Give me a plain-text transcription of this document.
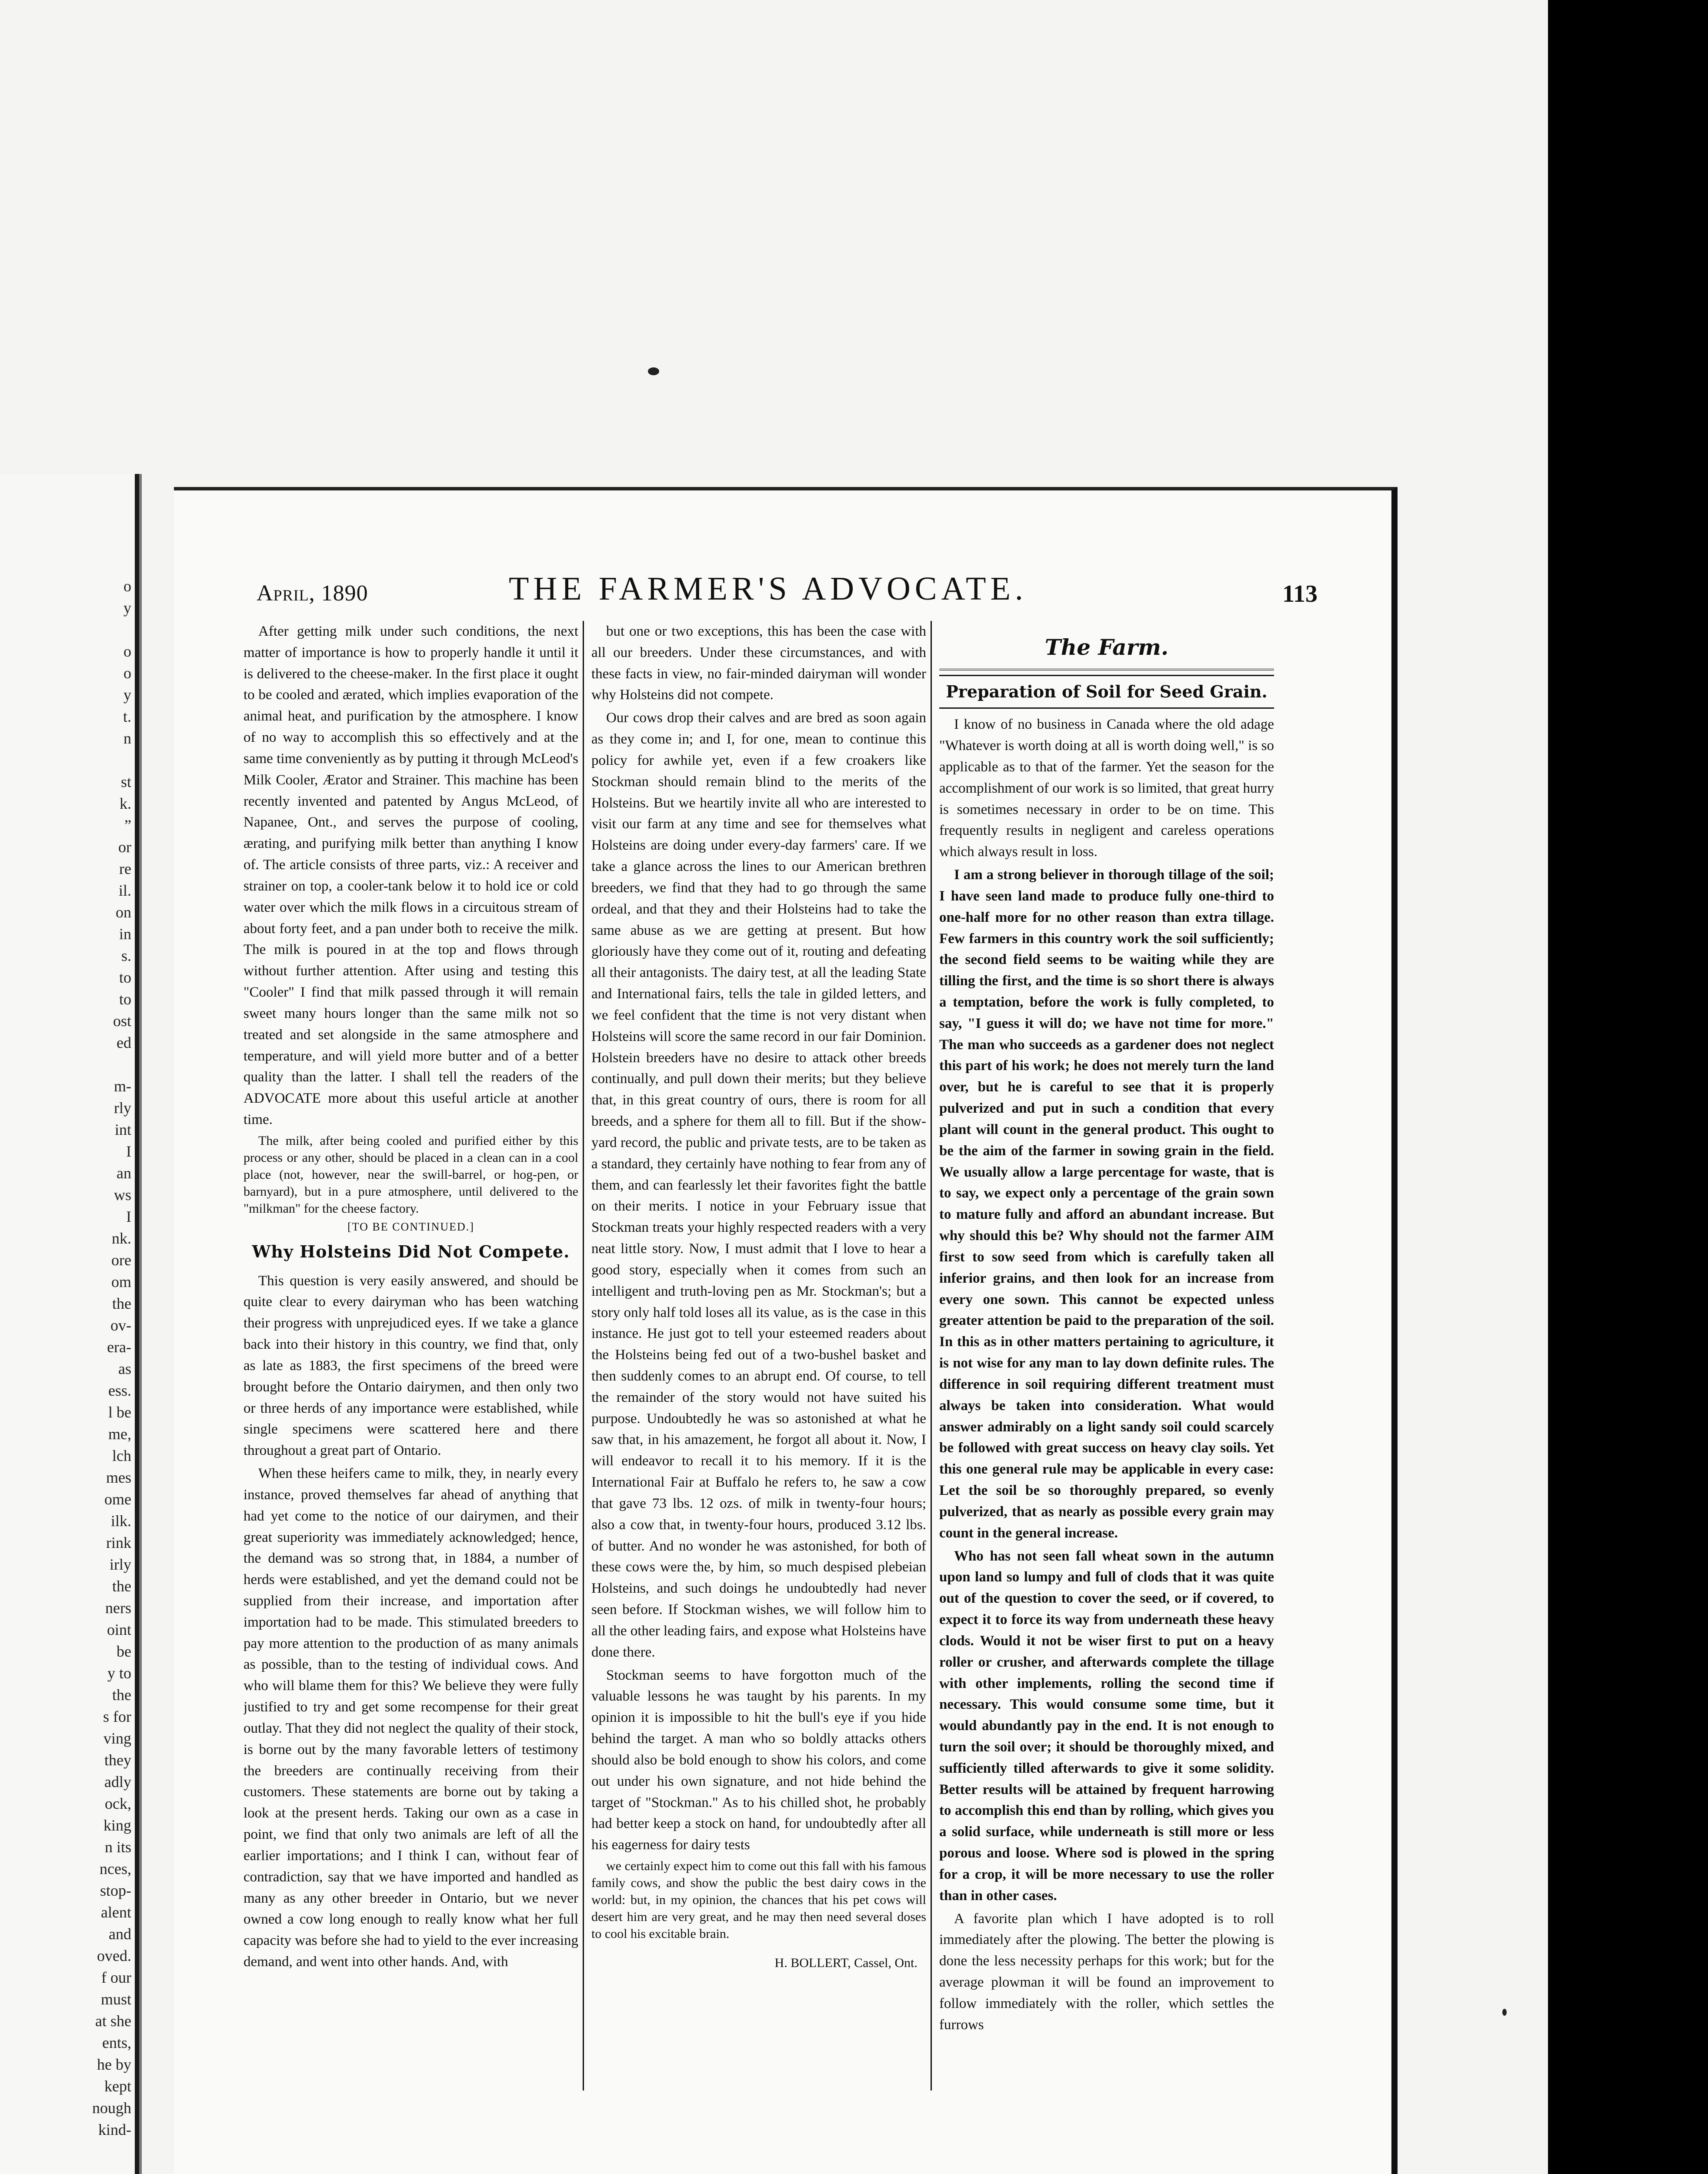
o
y
o
o
y
t.
n
st
k.
”
or
re
il.
on
in
s.
to
to
ost
ed
m-
rly
int
I
an
ws
I
nk.
ore
om
the
ov-
era-
as
ess.
l be
me,
lch
mes
ome
ilk.
rink
irly
the
ners
oint
be
y to
the
s for
ving
they
adly
ock,
king
n its
nces,
stop-
alent
and
oved.
f our
must
at she
ents,
he by
kept
nough
kind-
April, 1890	THE FARMER'S ADVOCATE.	113

After getting milk under such conditions, the next matter of importance is how to properly handle it until it is delivered to the cheese-maker. In the first place it ought to be cooled and ærated, which implies evaporation of the animal heat, and purification by the atmosphere. I know of no way to accomplish this so effectively and at the same time conveniently as by putting it through McLeod's Milk Cooler, Ærator and Strainer. This machine has been recently invented and patented by Angus McLeod, of Napanee, Ont., and serves the purpose of cooling, ærating, and purifying milk better than anything I know of. The article consists of three parts, viz.: A receiver and strainer on top, a cooler-tank below it to hold ice or cold water over which the milk flows in a circuitous stream of about forty feet, and a pan under both to receive the milk. The milk is poured in at the top and flows through without further attention. After using and testing this "Cooler" I find that milk passed through it will remain sweet many hours longer than the same milk not so treated and set alongside in the same atmosphere and temperature, and will yield more butter and of a better quality than the latter. I shall tell the readers of the ADVOCATE more about this useful article at another time.

The milk, after being cooled and purified either by this process or any other, should be placed in a clean can in a cool place (not, however, near the swill-barrel, or hog-pen, or barnyard), but in a pure atmosphere, until delivered to the "milkman" for the cheese factory.

[TO BE CONTINUED.]

Why Holsteins Did Not Compete.

This question is very easily answered, and should be quite clear to every dairyman who has been watching their progress with unprejudiced eyes. If we take a glance back into their history in this country, we find that, only as late as 1883, the first specimens of the breed were brought before the Ontario dairymen, and then only two or three herds of any importance were established, while single specimens were scattered here and there throughout a great part of Ontario.

When these heifers came to milk, they, in nearly every instance, proved themselves far ahead of anything that had yet come to the notice of our dairymen, and their great superiority was immediately acknowledged; hence, the demand was so strong that, in 1884, a number of herds were established, and yet the demand could not be supplied from their increase, and importation after importation had to be made. This stimulated breeders to pay more attention to the production of as many animals as possible, than to the testing of individual cows. And who will blame them for this? We believe they were fully justified to try and get some recompense for their great outlay. That they did not neglect the quality of their stock, is borne out by the many favorable letters of testimony the breeders are continually receiving from their customers. These statements are borne out by taking a look at the present herds. Taking our own as a case in point, we find that only two animals are left of all the earlier importations; and I think I can, without fear of contradiction, say that we have imported and handled as many as any other breeder in Ontario, but we never owned a cow long enough to really know what her full capacity was before she had to yield to the ever increasing demand, and went into other hands. And, with

but one or two exceptions, this has been the case with all our breeders. Under these circumstances, and with these facts in view, no fair-minded dairyman will wonder why Holsteins did not compete.

Our cows drop their calves and are bred as soon again as they come in; and I, for one, mean to continue this policy for awhile yet, even if a few croakers like Stockman should remain blind to the merits of the Holsteins. But we heartily invite all who are interested to visit our farm at any time and see for themselves what Holsteins are doing under every-day farmers' care. If we take a glance across the lines to our American brethren breeders, we find that they had to go through the same ordeal, and that they and their Holsteins had to take the same abuse as we are getting at present. But how gloriously have they come out of it, routing and defeating all their antagonists. The dairy test, at all the leading State and International fairs, tells the tale in gilded letters, and we feel confident that the time is not very distant when Holsteins will score the same record in our fair Dominion. Holstein breeders have no desire to attack other breeds continually, and pull down their merits; but they believe that, in this great country of ours, there is room for all breeds, and a sphere for them all to fill. But if the show-yard record, the public and private tests, are to be taken as a standard, they certainly have nothing to fear from any of them, and can fearlessly let their favorites fight the battle on their merits. I notice in your February issue that Stockman treats your highly respected readers with a very neat little story. Now, I must admit that I love to hear a good story, especially when it comes from such an intelligent and truth-loving pen as Mr. Stockman's; but a story only half told loses all its value, as is the case in this instance. He just got to tell your esteemed readers about the Holsteins being fed out of a two-bushel basket and then suddenly comes to an abrupt end. Of course, to tell the remainder of the story would not have suited his purpose. Undoubtedly he was so astonished at what he saw that, in his amazement, he forgot all about it. Now, I will endeavor to recall it to his memory. If it is the International Fair at Buffalo he refers to, he saw a cow that gave 73 lbs. 12 ozs. of milk in twenty-four hours; also a cow that, in twenty-four hours, produced 3.12 lbs. of butter. And no wonder he was astonished, for both of these cows were the, by him, so much despised plebeian Holsteins, and such doings he undoubtedly had never seen before. If Stockman wishes, we will follow him to all the other leading fairs, and expose what Holsteins have done there.

Stockman seems to have forgotton much of the valuable lessons he was taught by his parents. In my opinion it is impossible to hit the bull's eye if you hide behind the target. A man who so boldly attacks others should also be bold enough to show his colors, and come out under his own signature, and not hide behind the target of "Stockman." As to his chilled shot, he probably had better keep a stock on hand, for undoubtedly after all his eagerness for dairy tests

we certainly expect him to come out this fall with his famous family cows, and show the public the best dairy cows in the world: but, in my opinion, the chances that his pet cows will desert him are very great, and he may then need several doses to cool his excitable brain.

H. BOLLERT, Cassel, Ont.
The Farm.
Preparation of Soil for Seed Grain.

I know of no business in Canada where the old adage "Whatever is worth doing at all is worth doing well," is so applicable as to that of the farmer. Yet the season for the accomplishment of our work is so limited, that great hurry is sometimes necessary in order to be on time. This frequently results in negligent and careless operations which always result in loss.

I am a strong believer in thorough tillage of the soil; I have seen land made to produce fully one-third to one-half more for no other reason than extra tillage. Few farmers in this country work the soil sufficiently; the second field seems to be waiting while they are tilling the first, and the time is so short there is always a temptation, before the work is fully completed, to say, "I guess it will do; we have not time for more." The man who succeeds as a gardener does not neglect this part of his work; he does not merely turn the land over, but he is careful to see that it is properly pulverized and put in such a condition that every plant will count in the general product. This ought to be the aim of the farmer in sowing grain in the field. We usually allow a large percentage for waste, that is to say, we expect only a percentage of the grain sown to mature fully and afford an abundant increase. But why should this be? Why should not the farmer AIM first to sow seed from which is carefully taken all inferior grains, and then look for an increase from every one sown. This cannot be expected unless greater attention be paid to the preparation of the soil. In this as in other matters pertaining to agriculture, it is not wise for any man to lay down definite rules. The difference in soil requiring different treatment must always be taken into consideration. What would answer admirably on a light sandy soil could scarcely be followed with great success on heavy clay soils. Yet this one general rule may be applicable in every case: Let the soil be so thoroughly prepared, so evenly pulverized, that as nearly as possible every grain may count in the general increase.

Who has not seen fall wheat sown in the autumn upon land so lumpy and full of clods that it was quite out of the question to cover the seed, or if covered, to expect it to force its way from underneath these heavy clods. Would it not be wiser first to put on a heavy roller or crusher, and afterwards complete the tillage with other implements, rolling the second time if necessary. This would consume some time, but it would abundantly pay in the end. It is not enough to turn the soil over; it should be thoroughly mixed, and sufficiently tilled afterwards to give it some solidity. Better results will be attained by frequent harrowing to accomplish this end than by rolling, which gives you a solid surface, while underneath is still more or less porous and loose. Where sod is plowed in the spring for a crop, it will be more necessary to use the roller than in other cases.

A favorite plan which I have adopted is to roll immediately after the plowing. The better the plowing is done the less necessity perhaps for this work; but for the average plowman it will be found an improvement to follow immediately with the roller, which settles the furrows
